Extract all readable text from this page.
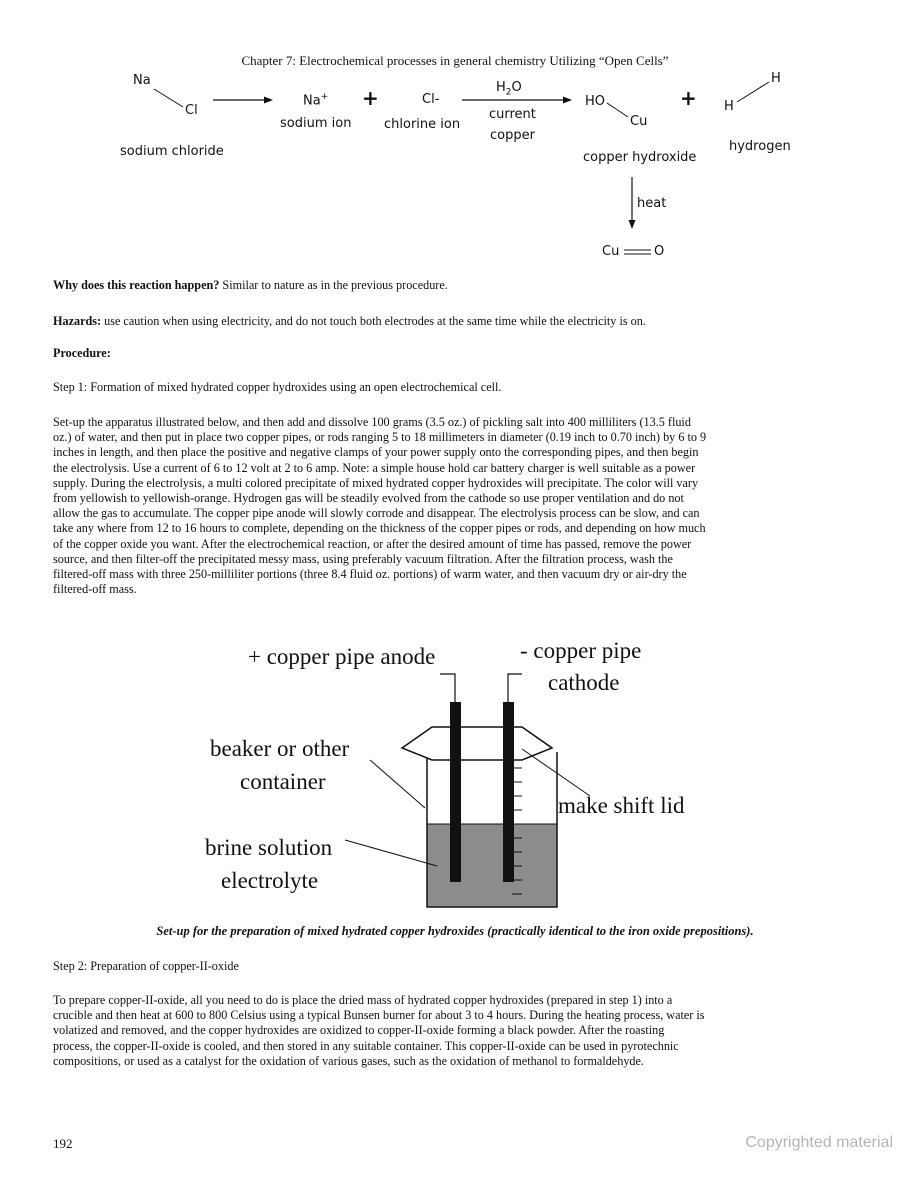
Chapter 7: Electrochemical processes in general chemistry Utilizing “Open Cells”
Na
Cl
sodium chloride
Na+
sodium ion
+	Cl-
chlorine ion
$H_2O$
current
copper
HO
Cu
copper hydroxide
+ H
H
hydrogen
heat
Cu	O
Why does this reaction happen? Similar to nature as in the previous procedure.
Hazards: use caution when using electricity, and do not touch both electrodes at the same time while the electricity is on.
Procedure:
Step 1: Formation of mixed hydrated copper hydroxides using an open electrochemical cell.
Set-up the apparatus illustrated below, and then add and dissolve 100 grams (3.5 oz.) of pickling salt into 400 milliliters (13.5 fluid
oz.) of water, and then put in place two copper pipes, or rods ranging 5 to 18 millimeters in diameter (0.19 inch to 0.70 inch) by 6 to 9
inches in length, and then place the positive and negative clamps of your power supply onto the corresponding pipes, and then begin
the electrolysis. Use a current of 6 to 12 volt at 2 to 6 amp. Note: a simple house hold car battery charger is well suitable as a power
supply. During the electrolysis, a multi colored precipitate of mixed hydrated copper hydroxides will precipitate. The color will vary
from yellowish to yellowish-orange. Hydrogen gas will be steadily evolved from the cathode so use proper ventilation and do not
allow the gas to accumulate. The copper pipe anode will slowly corrode and disappear. The electrolysis process can be slow, and can
take any where from 12 to 16 hours to complete, depending on the thickness of the copper pipes or rods, and depending on how much
of the copper oxide you want. After the electrochemical reaction, or after the desired amount of time has passed, remove the power
source, and then filter-off the precipitated messy mass, using preferably vacuum filtration. After the filtration process, wash the
filtered-off mass with three 250-milliliter portions (three 8.4 fluid oz. portions) of warm water, and then vacuum dry or air-dry the
filtered-off mass.
+ copper pipe anode	- copper pipe
cathode
beaker or other
container
make shift lid
brine solution
electrolyte
Set-up for the preparation of mixed hydrated copper hydroxides (practically identical to the iron oxide prepositions).
Step 2: Preparation of copper-II-oxide
To prepare copper-II-oxide, all you need to do is place the dried mass of hydrated copper hydroxides (prepared in step 1) into a
crucible and then heat at 600 to 800 Celsius using a typical Bunsen burner for about 3 to 4 hours. During the heating process, water is
volatized and removed, and the copper hydroxides are oxidized to copper-II-oxide forming a black powder. After the roasting
process, the copper-II-oxide is cooled, and then stored in any suitable container. This copper-II-oxide can be used in pyrotechnic
compositions, or used as a catalyst for the oxidation of various gases, such as the oxidation of methanol to formaldehyde.
192	Copyrighted material
